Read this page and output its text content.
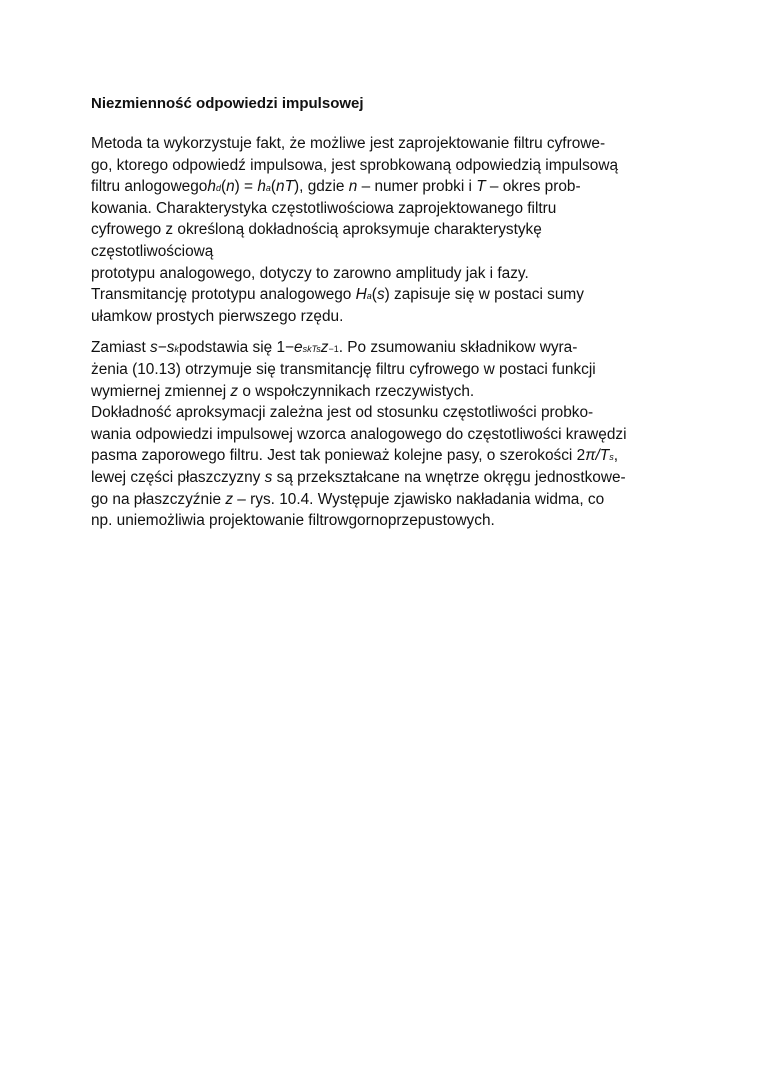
Niezmienność odpowiedzi impulsowej
Metoda ta wykorzystuje fakt, że możliwe jest zaprojektowanie filtru cyfrowe-
go, ktorego odpowiedź impulsowa, jest sprobkowaną odpowiedzią impulsową
filtru anlogowegohd(n) = ha(nT), gdzie n – numer probki i T – okres prob-
kowania. Charakterystyka częstotliwościowa zaprojektowanego filtru
cyfrowego z określoną dokładnością aproksymuje charakterystykę
częstotliwościową
prototypu analogowego, dotyczy to zarowno amplitudy jak i fazy.
Transmitancję prototypu analogowego Ha(s) zapisuje się w postaci sumy
ułamkow prostych pierwszego rzędu.
Zamiast s−skpodstawia się 1−eskTsz−1. Po zsumowaniu składnikow wyra-
żenia (10.13) otrzymuje się transmitancję filtru cyfrowego w postaci funkcji
wymiernej zmiennej z o wspołczynnikach rzeczywistych.
Dokładność aproksymacji zależna jest od stosunku częstotliwości probko-
wania odpowiedzi impulsowej wzorca analogowego do częstotliwości krawędzi
pasma zaporowego filtru. Jest tak ponieważ kolejne pasy, o szerokości 2π/Ts,
lewej części płaszczyzny s są przekształcane na wnętrze okręgu jednostkowe-
go na płaszczyźnie z – rys. 10.4. Występuje zjawisko nakładania widma, co
np. uniemożliwia projektowanie filtrowgornoprzepustowych.
